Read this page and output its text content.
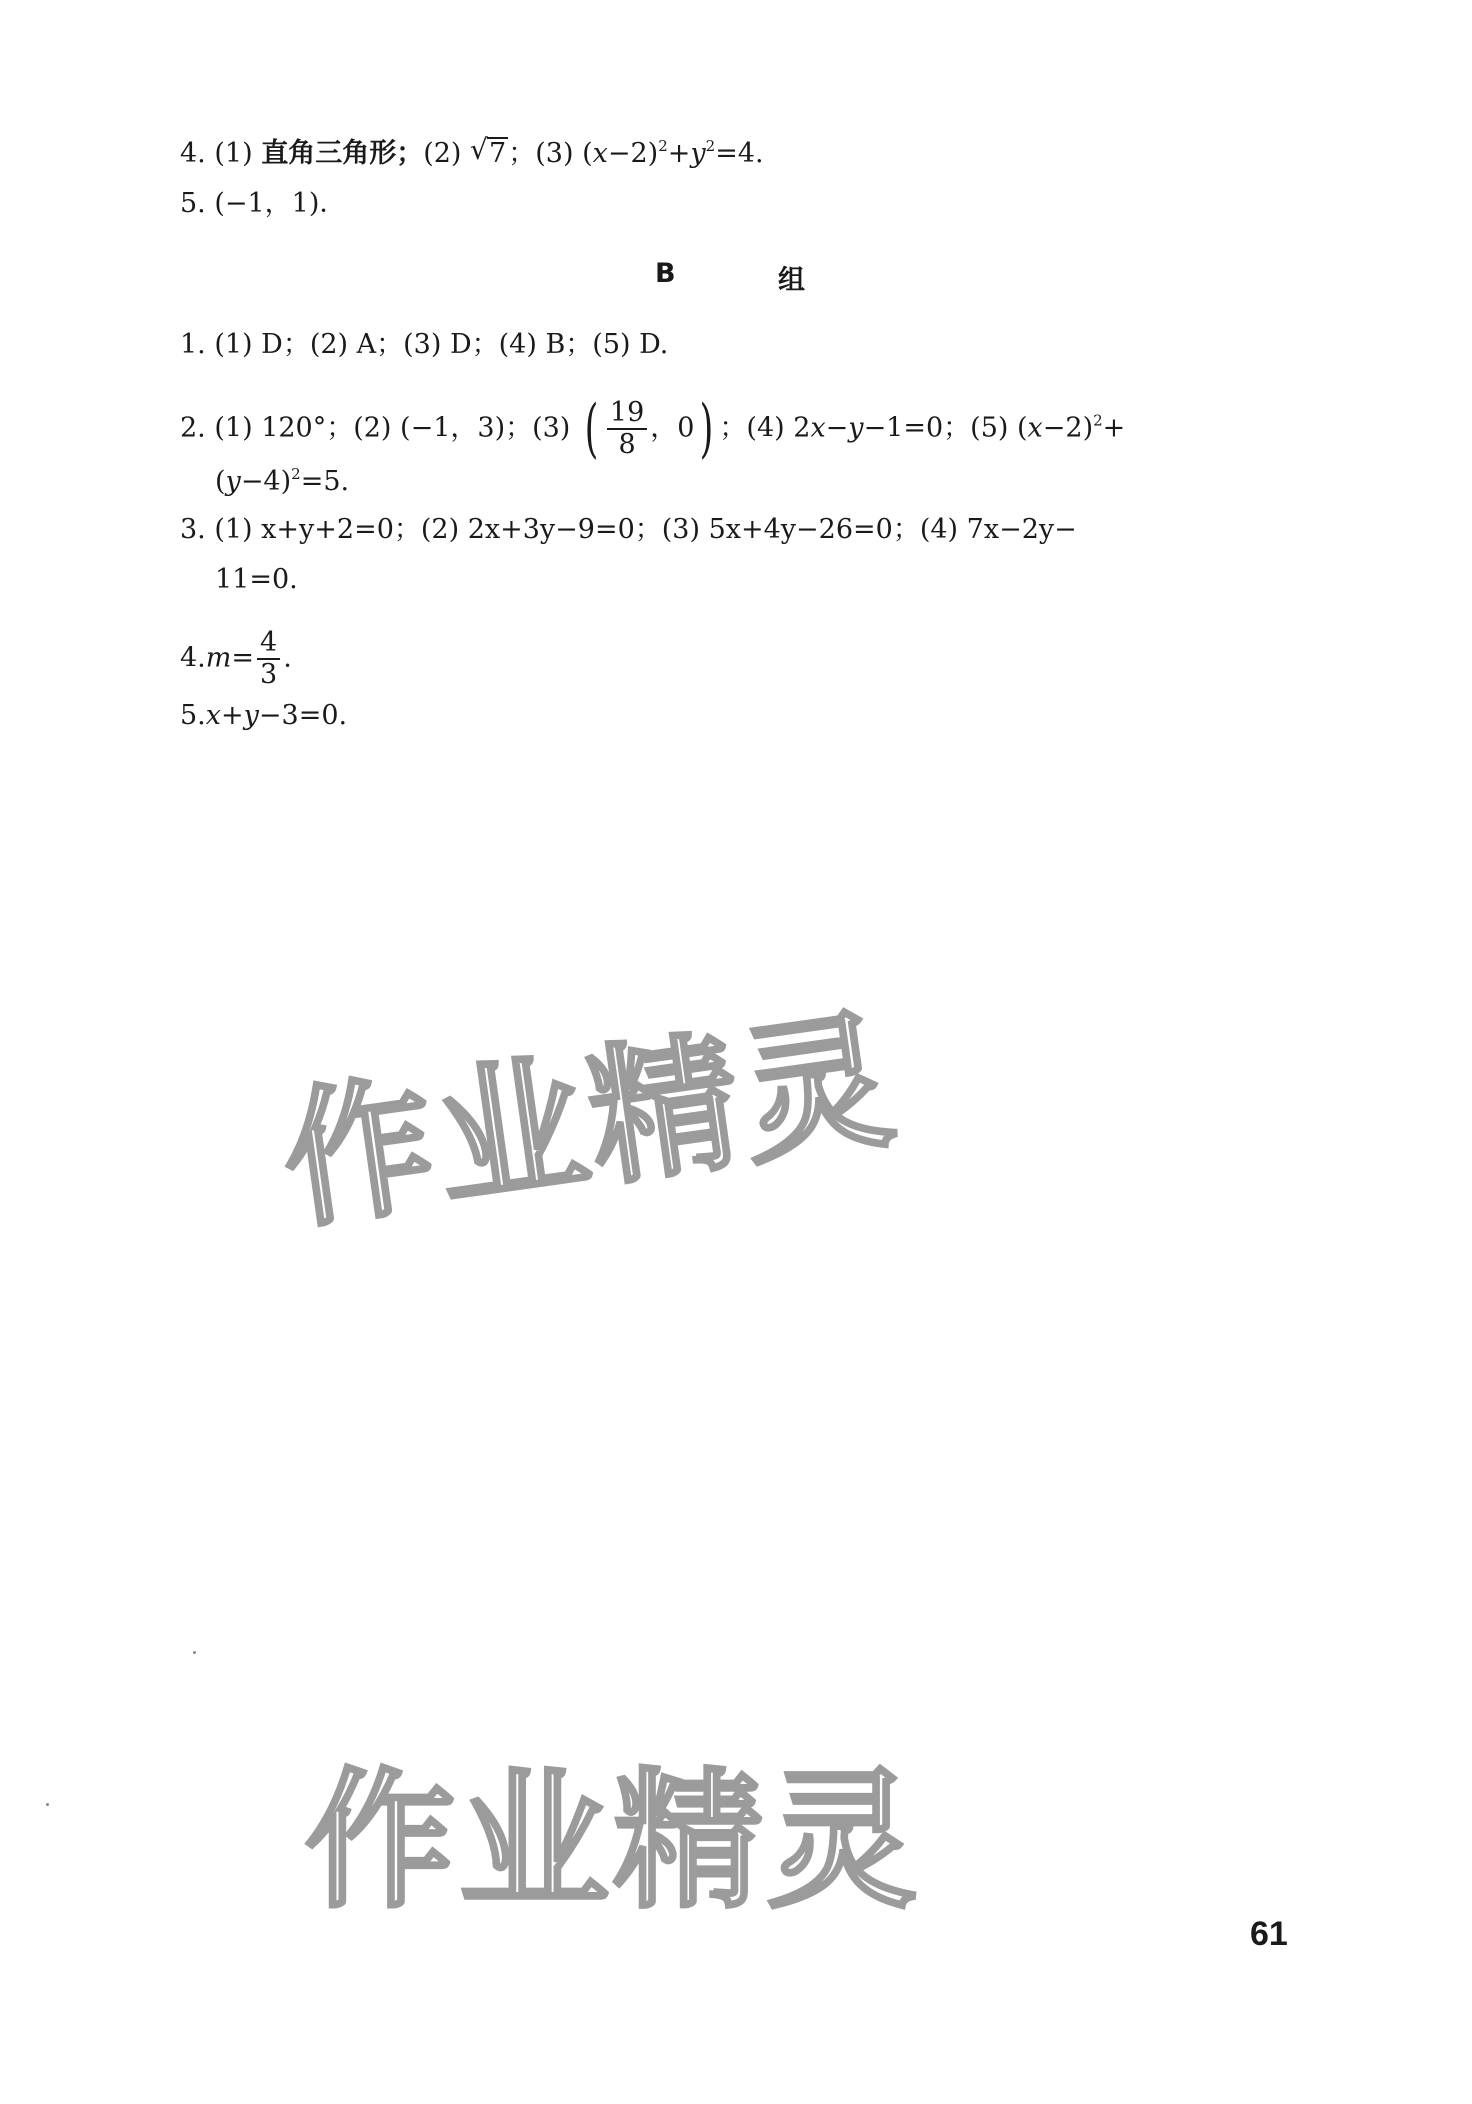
4. (1) 直角三角形；(2) √ 7；(3) $(x-2)^2+y^2=4$.
5. (−1，1)．
B	组
1. (1) D；(2) A；(3) D；(4) B；(5) D.
2. (1) 120°；(2) (−1，3)；(3) ( $\frac{19}{8}$ ，0) ；(4) 2x−y−1=0；(5) $(x-2)^2+$
$(y-4)^2=5$.
3. (1) x+y+2=0；(2) 2x+3y−9=0；(3) 5x+4y−26=0；(4) 7x−2y−
11=0.
$4.m= \frac{4}{3}$ .
5.x+y−3=0.
作业精灵
作业精灵
61
